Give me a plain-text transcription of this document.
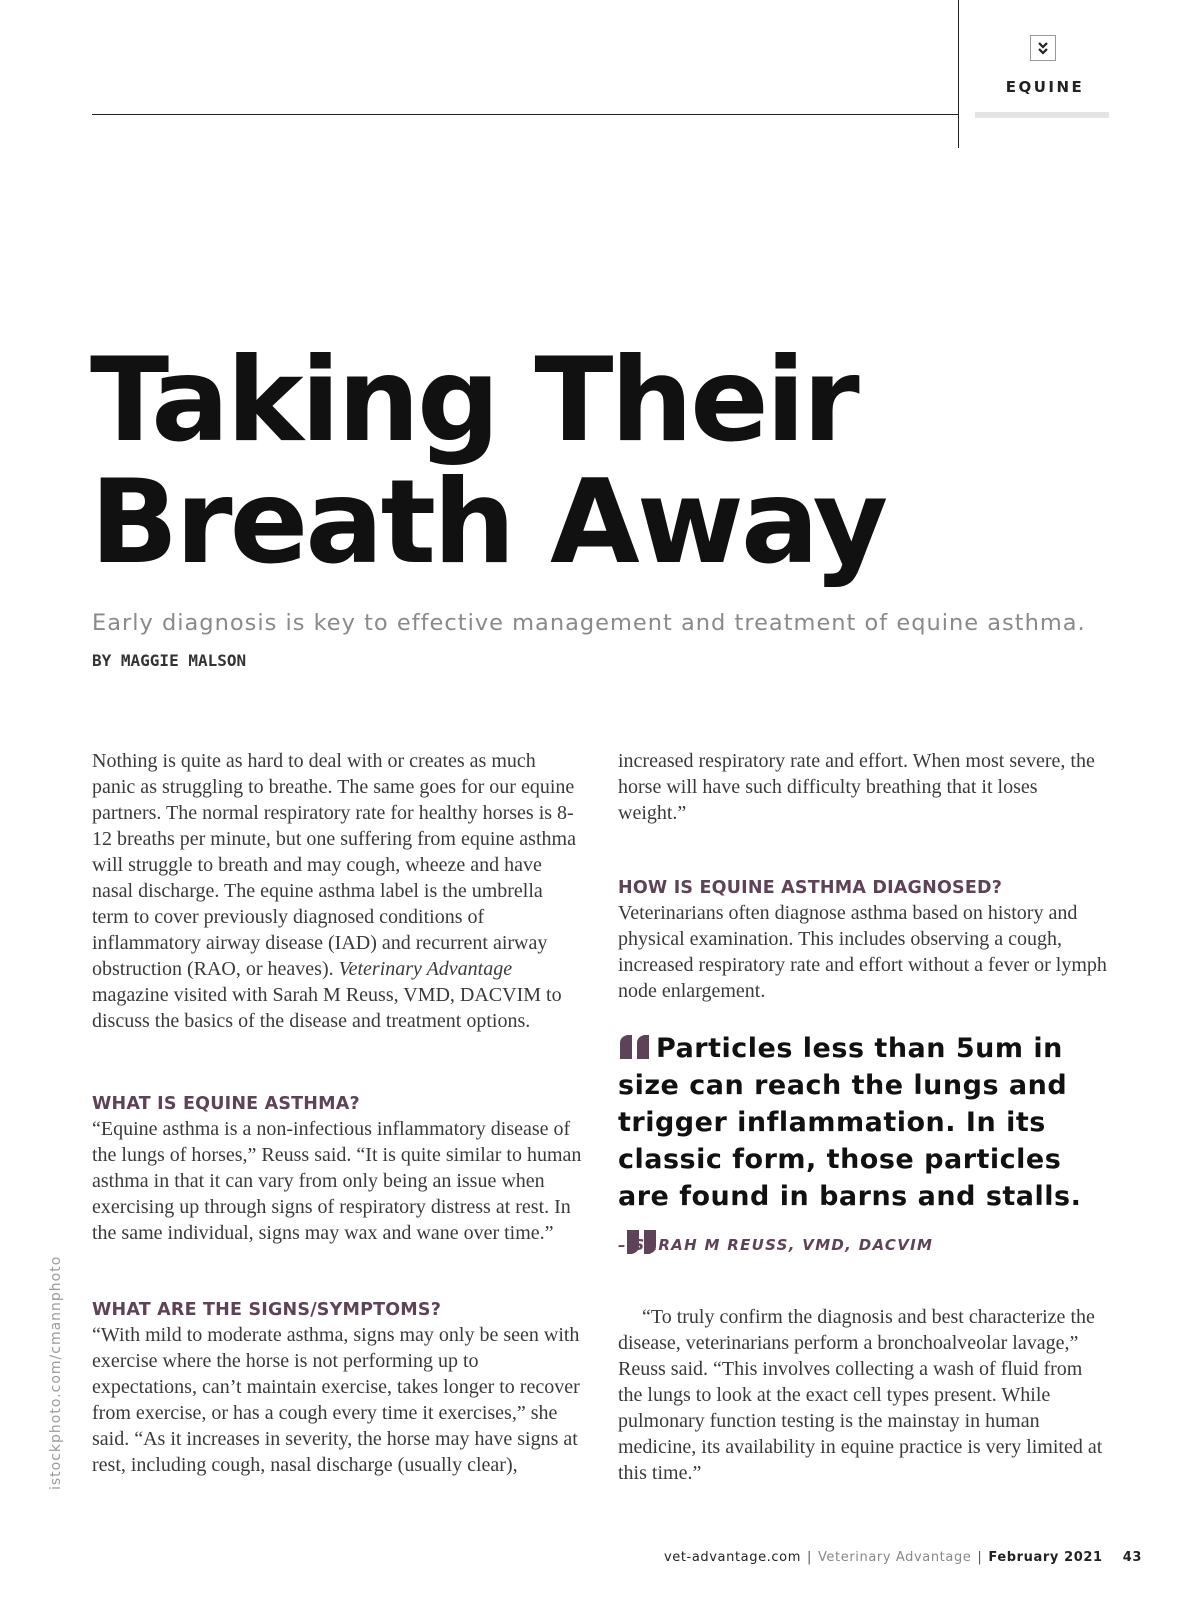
EQUINE
Taking Their
Breath Away

Early diagnosis is key to effective management and treatment of equine asthma.

BY MAGGIE MALSON

Nothing is quite as hard to deal with or creates as much panic as struggling to breathe. The same goes for our equine partners. The normal respiratory rate for healthy horses is 8-12 breaths per minute, but one suffering from equine asthma will struggle to breath and may cough, wheeze and have nasal discharge. The equine asthma label is the umbrella term to cover previously diagnosed conditions of inflammatory airway disease (IAD) and recurrent airway obstruction (RAO, or heaves). Veterinary Advantage magazine visited with Sarah M Reuss, VMD, DACVIM to discuss the basics of the disease and treatment options.

WHAT IS EQUINE ASTHMA?

“Equine asthma is a non-infectious inflammatory disease of the lungs of horses,” Reuss said. “It is quite similar to human asthma in that it can vary from only being an issue when exercising up through signs of respiratory distress at rest. In the same individual, signs may wax and wane over time.”

WHAT ARE THE SIGNS/SYMPTOMS?

“With mild to moderate asthma, signs may only be seen with exercise where the horse is not performing up to expectations, can’t maintain exercise, takes longer to recover from exercise, or has a cough every time it exercises,” she said. “As it increases in severity, the horse may have signs at rest, including cough, nasal discharge (usually clear),

increased respiratory rate and effort. When most severe, the horse will have such difficulty breathing that it loses weight.”

HOW IS EQUINE ASTHMA DIAGNOSED?

Veterinarians often diagnose asthma based on history and physical examination. This includes observing a cough, increased respiratory rate and effort without a fever or lymph node enlargement.

Particles less than 5um in size can reach the lungs and trigger inflammation. In its classic form, those particles are found in barns and stalls.

– SARAH M REUSS, VMD, DACVIM

“To truly confirm the diagnosis and best characterize the disease, veterinarians perform a bronchoalveolar lavage,” Reuss said. “This involves collecting a wash of fluid from the lungs to look at the exact cell types present. While pulmonary function testing is the mainstay in human medicine, its availability in equine practice is very limited at this time.”

istockphoto.com/cmannphoto
vet-advantage.com | Veterinary Advantage | February 2021 43
